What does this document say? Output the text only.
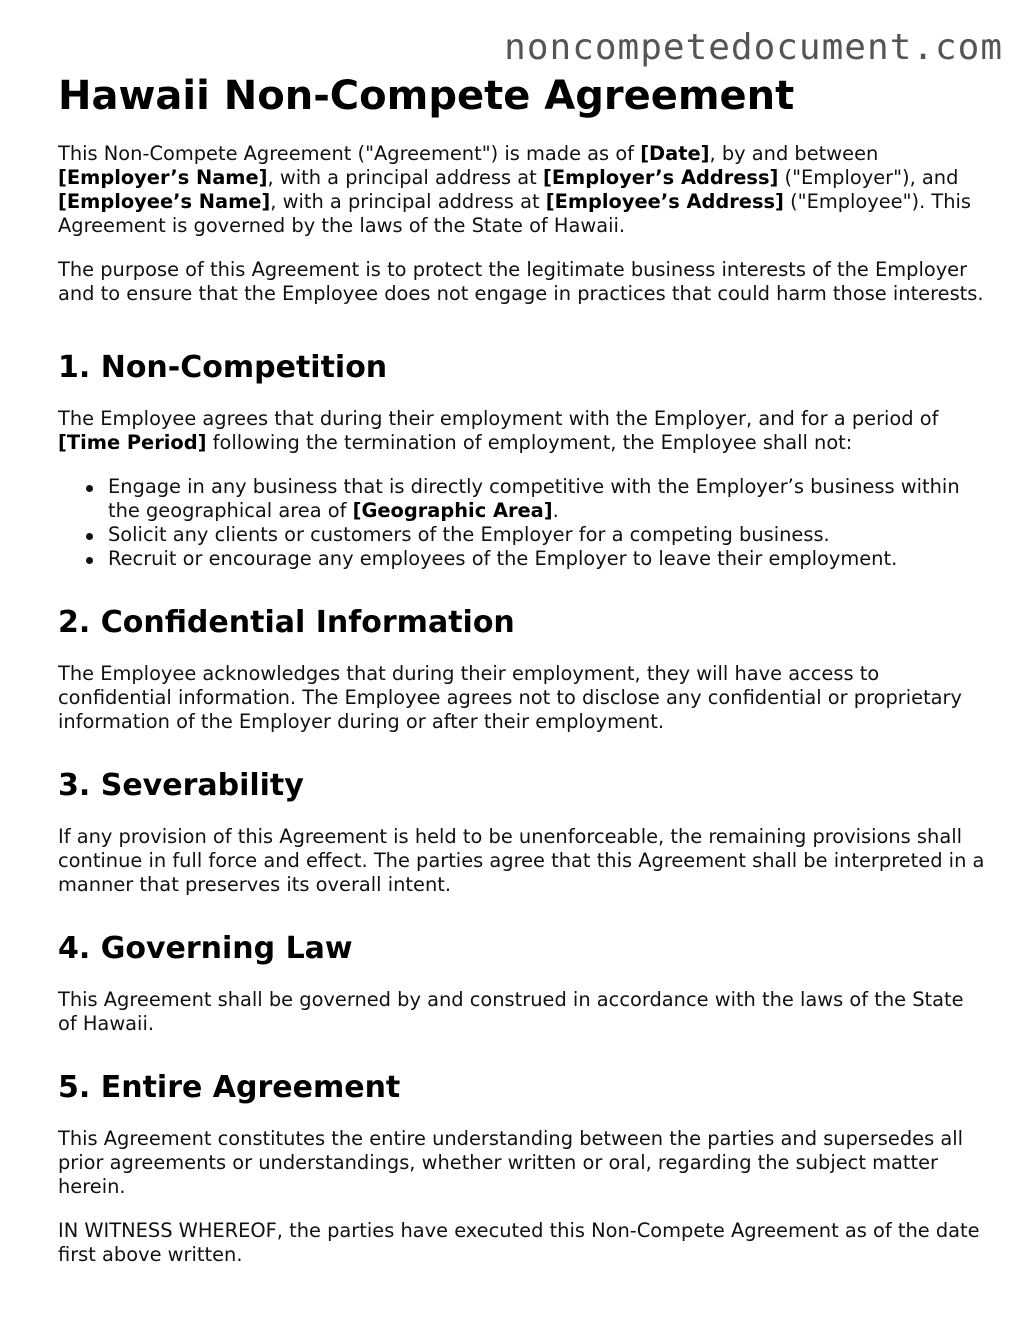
noncompetedocument.com
Hawaii Non-Compete Agreement

This Non-Compete Agreement ("Agreement") is made as of [Date], by and between [Employer’s Name], with a principal address at [Employer’s Address] ("Employer"), and [Employee’s Name], with a principal address at [Employee’s Address] ("Employee"). This Agreement is governed by the laws of the State of Hawaii.

The purpose of this Agreement is to protect the legitimate business interests of the Employer and to ensure that the Employee does not engage in practices that could harm those interests.

1. Non-Competition

The Employee agrees that during their employment with the Employer, and for a period of [Time Period] following the termination of employment, the Employee shall not:

Engage in any business that is directly competitive with the Employer’s business within the geographical area of [Geographic Area].
Solicit any clients or customers of the Employer for a competing business.
Recruit or encourage any employees of the Employer to leave their employment.
2. Confidential Information

The Employee acknowledges that during their employment, they will have access to confidential information. The Employee agrees not to disclose any confidential or proprietary information of the Employer during or after their employment.

3. Severability

If any provision of this Agreement is held to be unenforceable, the remaining provisions shall continue in full force and effect. The parties agree that this Agreement shall be interpreted in a manner that preserves its overall intent.

4. Governing Law

This Agreement shall be governed by and construed in accordance with the laws of the State of Hawaii.

5. Entire Agreement

This Agreement constitutes the entire understanding between the parties and supersedes all prior agreements or understandings, whether written or oral, regarding the subject matter herein.

IN WITNESS WHEREOF, the parties have executed this Non-Compete Agreement as of the date first above written.
